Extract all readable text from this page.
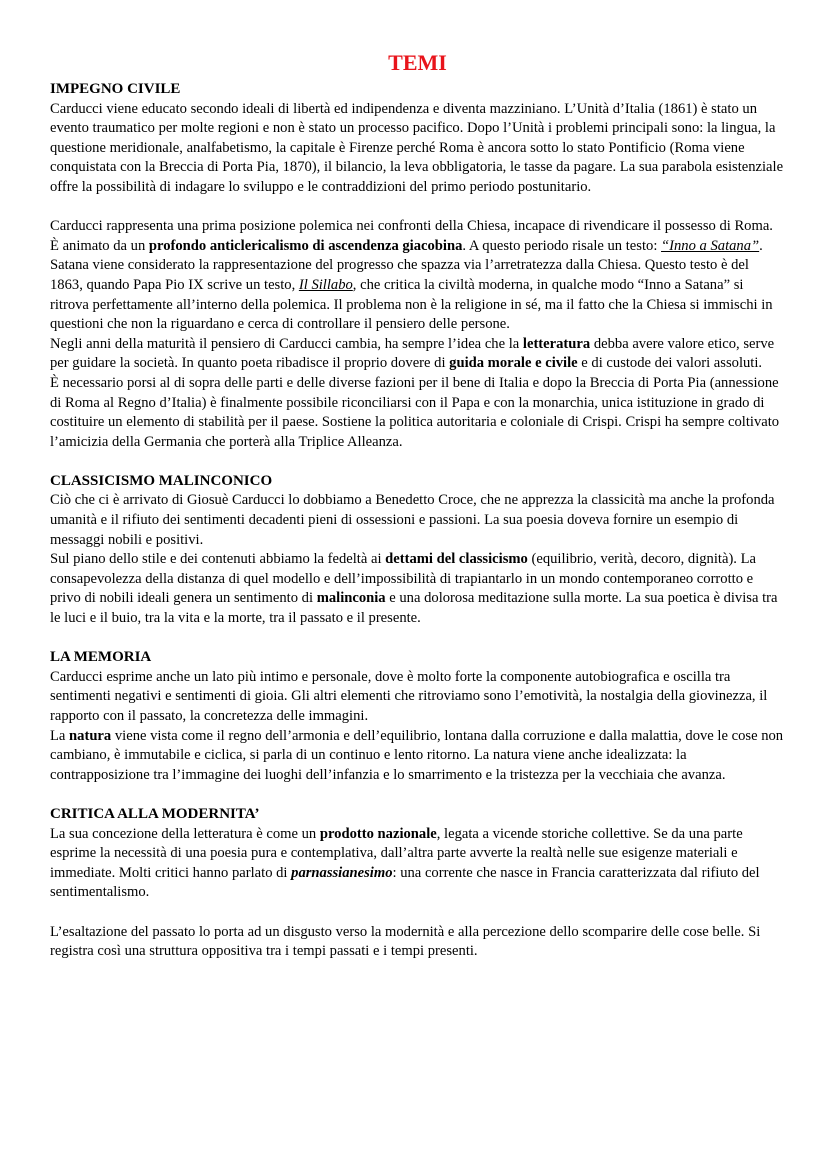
TEMI
IMPEGNO CIVILE

Carducci viene educato secondo ideali di libertà ed indipendenza e diventa mazziniano. L’Unità d’Italia (1861) è stato un evento traumatico per molte regioni e non è stato un processo pacifico. Dopo l’Unità i problemi principali sono: la lingua, la questione meridionale, analfabetismo, la capitale è Firenze perché Roma è ancora sotto lo stato Pontificio (Roma viene conquistata con la Breccia di Porta Pia, 1870), il bilancio, la leva obbligatoria, le tasse da pagare. La sua parabola esistenziale offre la possibilità di indagare lo sviluppo e le contraddizioni del primo periodo postunitario.

Carducci rappresenta una prima posizione polemica nei confronti della Chiesa, incapace di rivendicare il possesso di Roma. È animato da un profondo anticlericalismo di ascendenza giacobina. A questo periodo risale un testo: “Inno a Satana”. Satana viene considerato la rappresentazione del progresso che spazza via l’arretratezza dalla Chiesa. Questo testo è del 1863, quando Papa Pio IX scrive un testo, Il Sillabo, che critica la civiltà moderna, in qualche modo “Inno a Satana” si ritrova perfettamente all’interno della polemica. Il problema non è la religione in sé, ma il fatto che la Chiesa si immischi in questioni che non la riguardano e cerca di controllare il pensiero delle persone.

Negli anni della maturità il pensiero di Carducci cambia, ha sempre l’idea che la letteratura debba avere valore etico, serve per guidare la società. In quanto poeta ribadisce il proprio dovere di guida morale e civile e di custode dei valori assoluti.

È necessario porsi al di sopra delle parti e delle diverse fazioni per il bene di Italia e dopo la Breccia di Porta Pia (annessione di Roma al Regno d’Italia) è finalmente possibile riconciliarsi con il Papa e con la monarchia, unica istituzione in grado di costituire un elemento di stabilità per il paese. Sostiene la politica autoritaria e coloniale di Crispi. Crispi ha sempre coltivato l’amicizia della Germania che porterà alla Triplice Alleanza.

CLASSICISMO MALINCONICO

Ciò che ci è arrivato di Giosuè Carducci lo dobbiamo a Benedetto Croce, che ne apprezza la classicità ma anche la profonda umanità e il rifiuto dei sentimenti decadenti pieni di ossessioni e passioni. La sua poesia doveva fornire un esempio di messaggi nobili e positivi.

Sul piano dello stile e dei contenuti abbiamo la fedeltà ai dettami del classicismo (equilibrio, verità, decoro, dignità). La consapevolezza della distanza di quel modello e dell’impossibilità di trapiantarlo in un mondo contemporaneo corrotto e privo di nobili ideali genera un sentimento di malinconia e una dolorosa meditazione sulla morte. La sua poetica è divisa tra le luci e il buio, tra la vita e la morte, tra il passato e il presente.

LA MEMORIA

Carducci esprime anche un lato più intimo e personale, dove è molto forte la componente autobiografica e oscilla tra sentimenti negativi e sentimenti di gioia. Gli altri elementi che ritroviamo sono l’emotività, la nostalgia della giovinezza, il rapporto con il passato, la concretezza delle immagini.

La natura viene vista come il regno dell’armonia e dell’equilibrio, lontana dalla corruzione e dalla malattia, dove le cose non cambiano, è immutabile e ciclica, si parla di un continuo e lento ritorno. La natura viene anche idealizzata: la contrapposizione tra l’immagine dei luoghi dell’infanzia e lo smarrimento e la tristezza per la vecchiaia che avanza.

CRITICA ALLA MODERNITA’

La sua concezione della letteratura è come un prodotto nazionale, legata a vicende storiche collettive. Se da una parte esprime la necessità di una poesia pura e contemplativa, dall’altra parte avverte la realtà nelle sue esigenze materiali e immediate. Molti critici hanno parlato di parnassianesimo: una corrente che nasce in Francia caratterizzata dal rifiuto del sentimentalismo.

L’esaltazione del passato lo porta ad un disgusto verso la modernità e alla percezione dello scomparire delle cose belle. Si registra così una struttura oppositiva tra i tempi passati e i tempi presenti.
